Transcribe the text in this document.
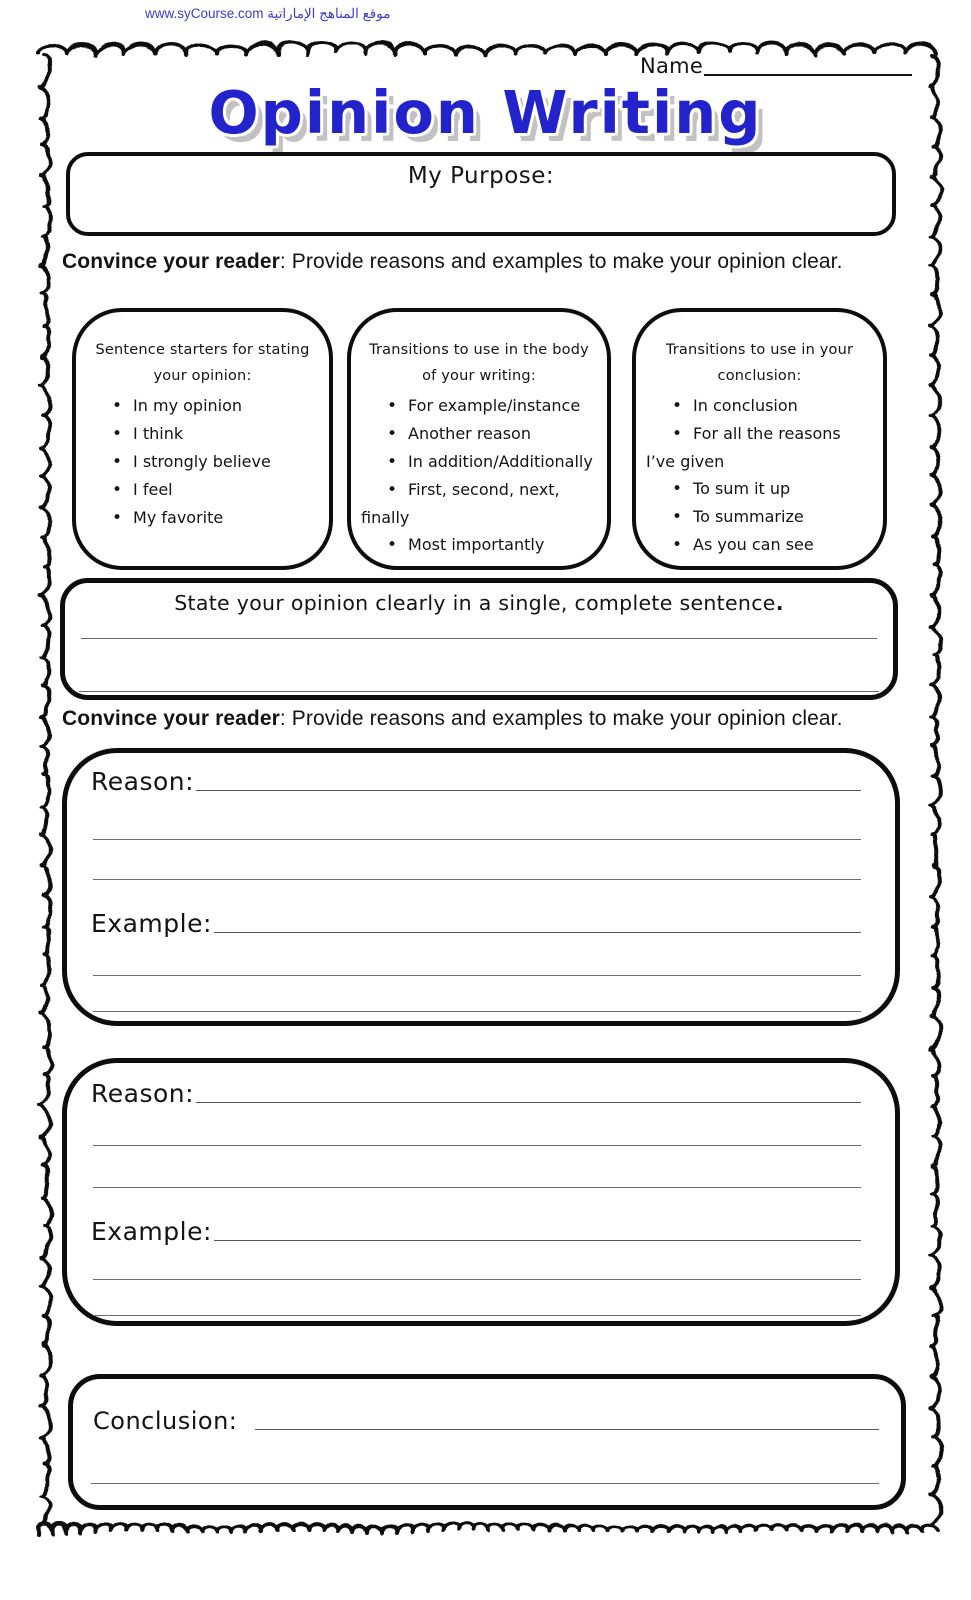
www.syCourse.com موقع المناهج الإماراتية
Name
Opinion Writing
My Purpose:
Convince your reader: Provide reasons and examples to make your opinion clear.
Sentence starters for stating your opinion:
• In my opinion
• I think
• I strongly believe
• I feel
• My favorite
Transitions to use in the body of your writing:
• For example/instance
• Another reason
• In addition/Additionally
• First, second, next, finally
• Most importantly
Transitions to use in your conclusion:
• In conclusion
• For all the reasons I’ve given
• To sum it up
• To summarize
• As you can see
State your opinion clearly in a single, complete sentence.
Convince your reader: Provide reasons and examples to make your opinion clear.
Reason:
Example:
Reason:
Example:
Conclusion:
